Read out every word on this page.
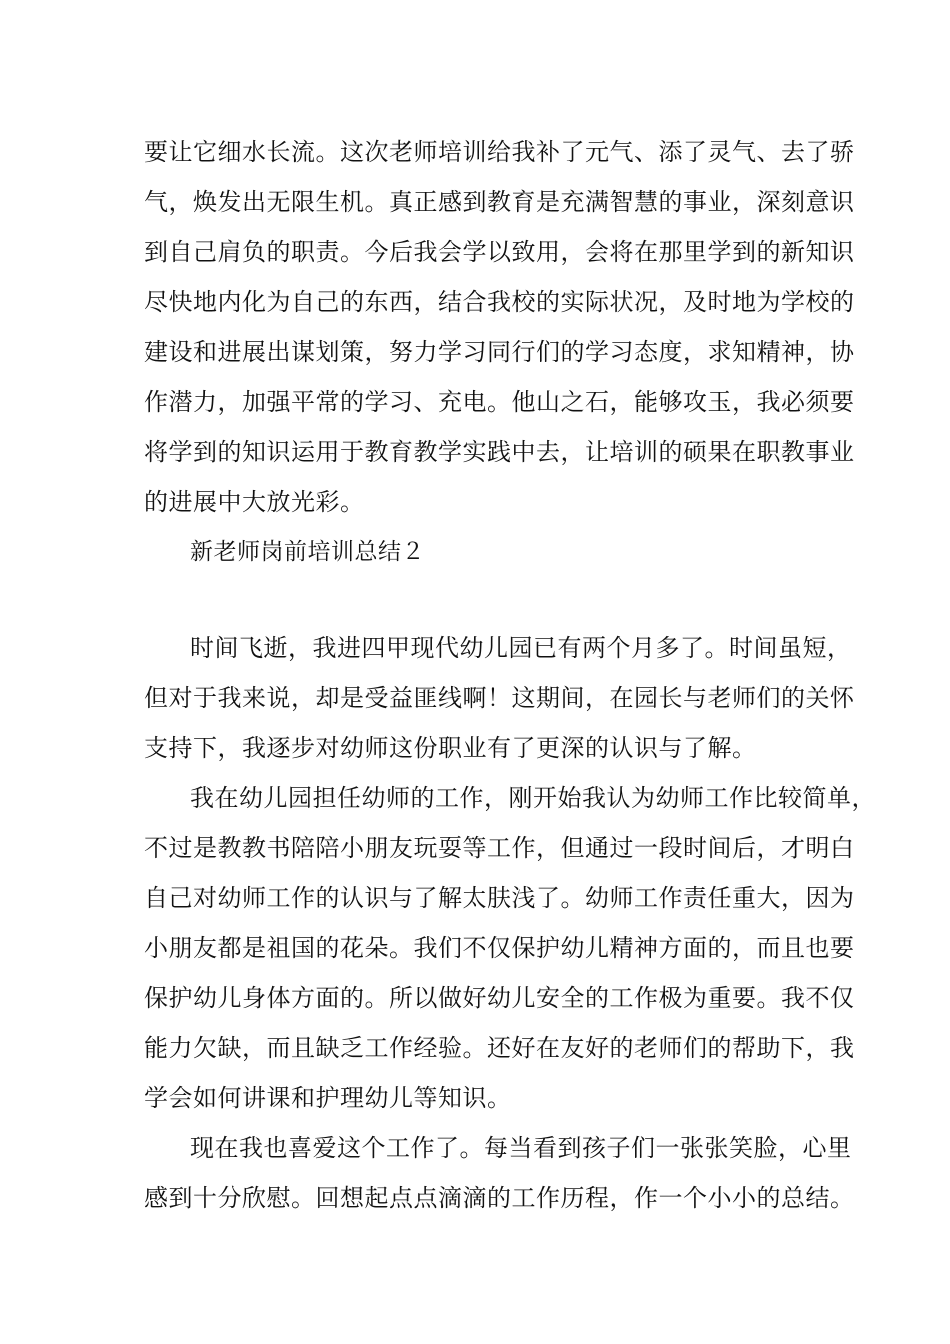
要让它细水长流。这次老师培训给我补了元气、添了灵气、去了骄
气，焕发出无限生机。真正感到教育是充满智慧的事业，深刻意识
到自己肩负的职责。今后我会学以致用，会将在那里学到的新知识
尽快地内化为自己的东西，结合我校的实际状况，及时地为学校的
建设和进展出谋划策，努力学习同行们的学习态度，求知精神，协
作潜力，加强平常的学习、充电。他山之石，能够攻玉，我必须要
将学到的知识运用于教育教学实践中去，让培训的硕果在职教事业
的进展中大放光彩。
新老师岗前培训总结２
时间飞逝，我进四甲现代幼儿园已有两个月多了。时间虽短，
但对于我来说，却是受益匪线啊！这期间，在园长与老师们的关怀
支持下，我逐步对幼师这份职业有了更深的认识与了解。
我在幼儿园担任幼师的工作，刚开始我认为幼师工作比较简单，
不过是教教书陪陪小朋友玩耍等工作，但通过一段时间后，才明白
自己对幼师工作的认识与了解太肤浅了。幼师工作责任重大，因为
小朋友都是祖国的花朵。我们不仅保护幼儿精神方面的，而且也要
保护幼儿身体方面的。所以做好幼儿安全的工作极为重要。我不仅
能力欠缺，而且缺乏工作经验。还好在友好的老师们的帮助下，我
学会如何讲课和护理幼儿等知识。
现在我也喜爱这个工作了。每当看到孩子们一张张笑脸，心里
感到十分欣慰。回想起点点滴滴的工作历程，作一个小小的总结。
